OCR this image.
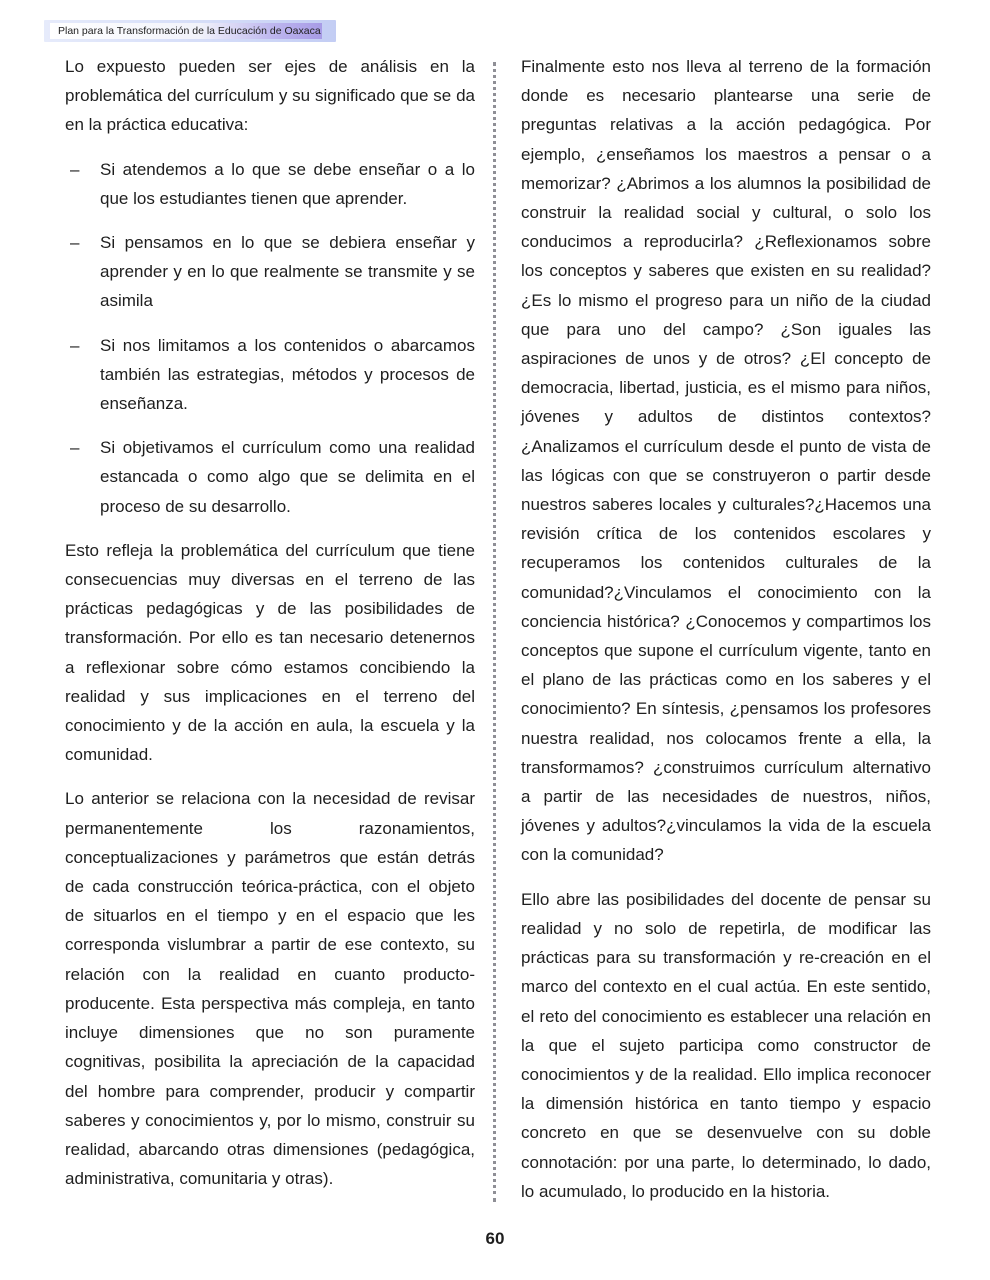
Plan para la Transformación de la Educación de Oaxaca

Lo expuesto pueden ser ejes de análisis en la problemática del currículum y su significado que se da en la práctica educativa:

– Si atendemos a lo que se debe enseñar o a lo que los estudiantes tienen que aprender.
– Si pensamos en lo que se debiera enseñar y aprender y en lo que realmente se transmite y se asimila
– Si nos limitamos a los contenidos o abarcamos también las estrategias, métodos y procesos de enseñanza.
– Si objetivamos el currículum como una realidad estancada o como algo que se delimita en el proceso de su desarrollo.

Esto refleja la problemática del currículum que tiene consecuencias muy diversas en el terreno de las prácticas pedagógicas y de las posibilidades de transformación. Por ello es tan necesario detenernos a reflexionar sobre cómo estamos concibiendo la realidad y sus implicaciones en el terreno del conocimiento y de la acción en aula, la escuela y la comunidad.

Lo anterior se relaciona con la necesidad de revisar permanentemente los razonamientos, conceptualizaciones y parámetros que están detrás de cada construcción teórica-práctica, con el objeto de situarlos en el tiempo y en el espacio que les corresponda vislumbrar a partir de ese contexto, su relación con la realidad en cuanto producto-producente. Esta perspectiva más compleja, en tanto incluye dimensiones que no son puramente cognitivas, posibilita la apreciación de la capacidad del hombre para comprender, producir y compartir saberes y conocimientos y, por lo mismo, construir su realidad, abarcando otras dimensiones (pedagógica, administrativa, comunitaria y otras).

Finalmente esto nos lleva al terreno de la formación donde es necesario plantearse una serie de preguntas relativas a la acción pedagógica. Por ejemplo, ¿enseñamos los maestros a pensar o a memorizar? ¿Abrimos a los alumnos la posibilidad de construir la realidad social y cultural, o solo los conducimos a reproducirla? ¿Reflexionamos sobre los conceptos y saberes que existen en su realidad? ¿Es lo mismo el progreso para un niño de la ciudad que para uno del campo? ¿Son iguales las aspiraciones de unos y de otros? ¿El concepto de democracia, libertad, justicia, es el mismo para niños, jóvenes y adultos de distintos contextos? ¿Analizamos el currículum desde el punto de vista de las lógicas con que se construyeron o partir desde nuestros saberes locales y culturales?¿Hacemos una revisión crítica de los contenidos escolares y recuperamos los contenidos culturales de la comunidad?¿Vinculamos el conocimiento con la conciencia histórica? ¿Conocemos y compartimos los conceptos que supone el currículum vigente, tanto en el plano de las prácticas como en los saberes y el conocimiento? En síntesis, ¿pensamos los profesores nuestra realidad, nos colocamos frente a ella, la transformamos? ¿construimos currículum alternativo a partir de las necesidades de nuestros, niños, jóvenes y adultos?¿vinculamos la vida de la escuela con la comunidad?

Ello abre las posibilidades del docente de pensar su realidad y no solo de repetirla, de modificar las prácticas para su transformación y re-creación en el marco del contexto en el cual actúa. En este sentido, el reto del conocimiento es establecer una relación en la que el sujeto participa como constructor de conocimientos y de la realidad. Ello implica reconocer la dimensión histórica en tanto tiempo y espacio concreto en que se desenvuelve con su doble connotación: por una parte, lo determinado, lo dado, lo acumulado, lo producido en la historia.

60
